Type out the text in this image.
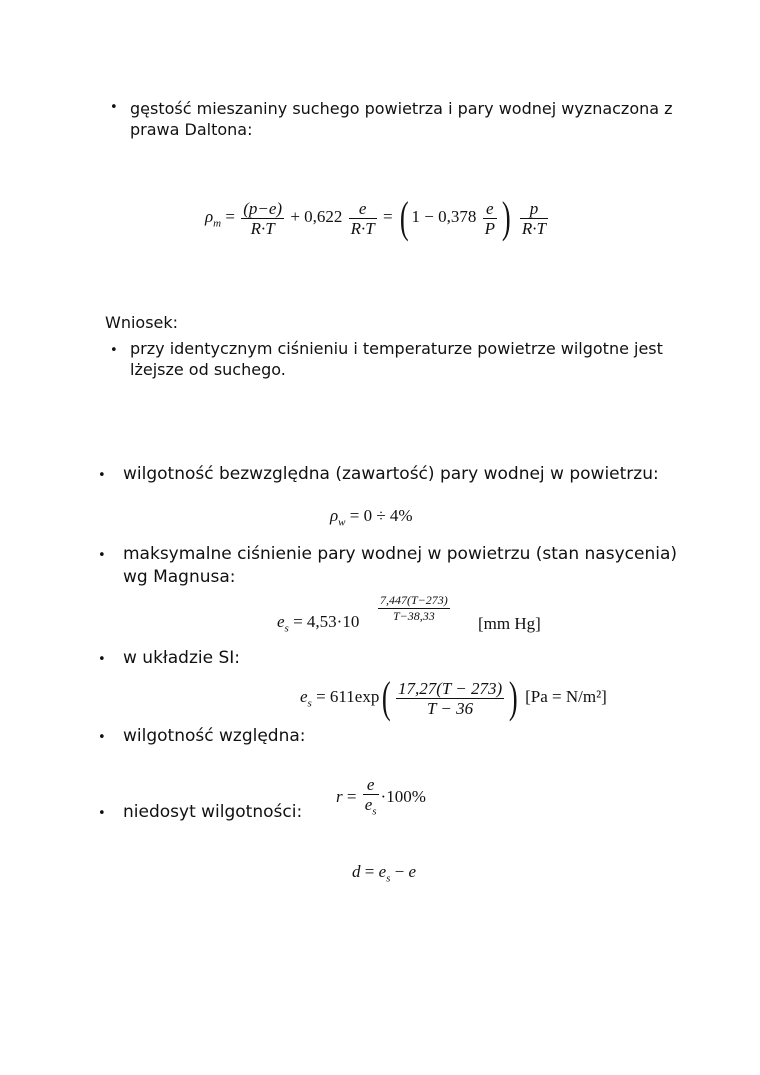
• gęstość mieszaniny suchego powietrza i pary wodnej wyznaczona z
prawa Daltona:
$\rho_m = \frac{(p-e)}{R\cdot T} + 0,622 \frac{e}{R\cdot T}$ = ( $1 - 0,378 \frac{e}{P}$ ) $\frac{p}{R\cdot T}$
Wniosek:
• przy identycznym ciśnieniu i temperaturze powietrze wilgotne jest
lżejsze od suchego.
• wilgotność bezwzględna (zawartość) pary wodnej w powietrzu:
$\rho_w = 0 \div 4\%$
• maksymalne ciśnienie pary wodnej w powietrzu (stan nasycenia)
wg Magnusa:
$e_s = 4,53\cdot 10$
7,447(T−273)
T−38,33	[mm Hg]
• w układzie SI:
$e_s = 611\exp( \frac{17,27(T - 273)}{T - 36}$ ) [Pa = N/m²]
• wilgotność względna:
$r = \frac{e}{e_s} \cdot 100\%$
• niedosyt wilgotności:
$d = e_s - e$
